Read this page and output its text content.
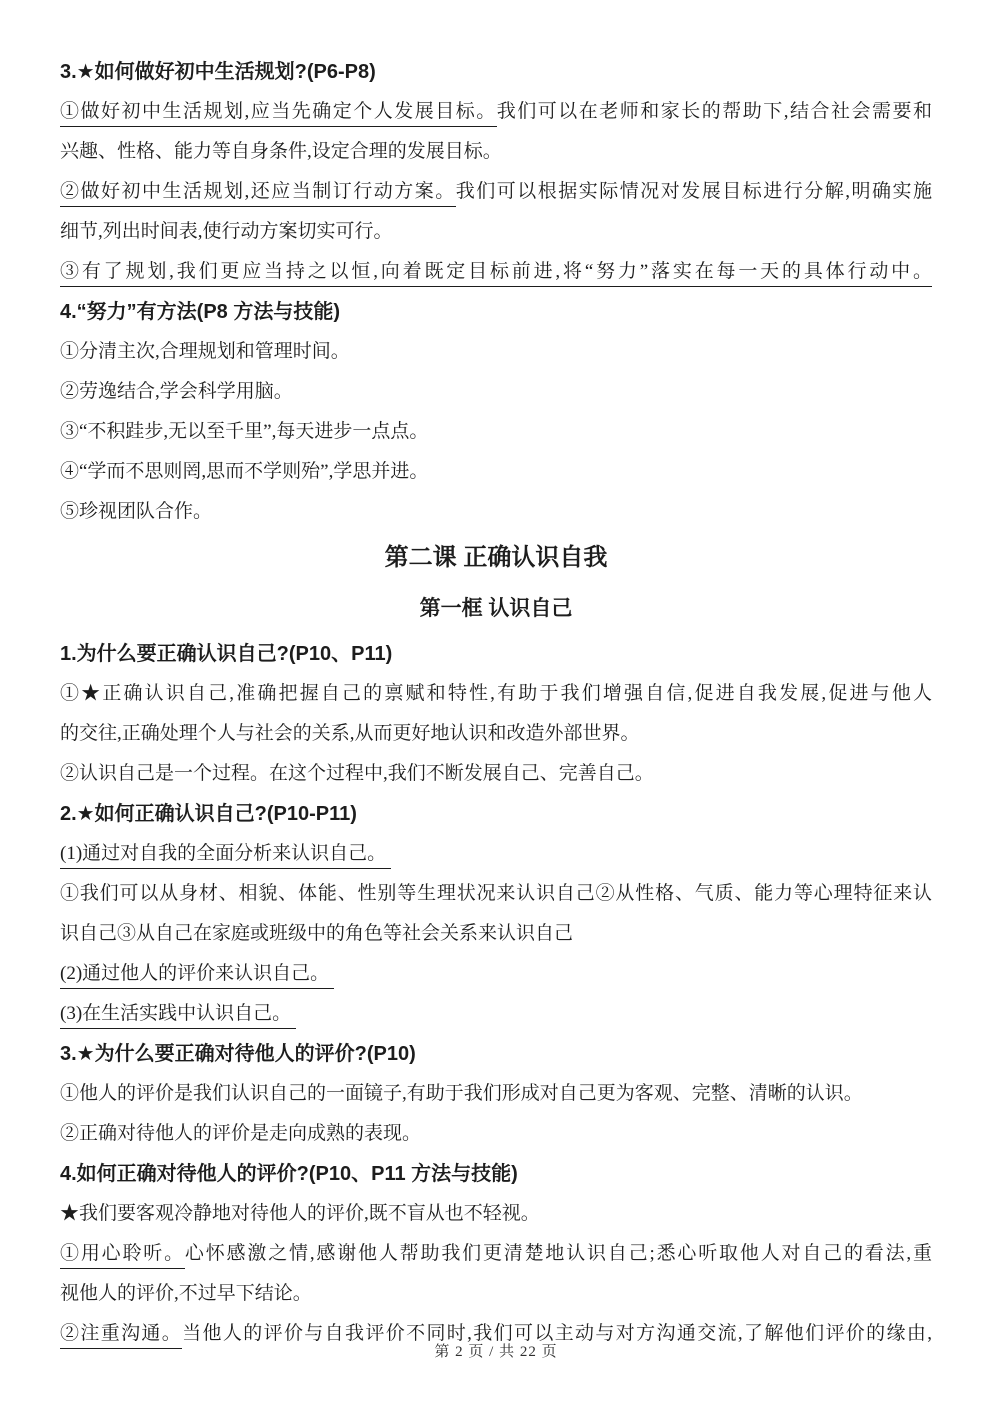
3.★如何做好初中生活规划?(P6-P8)
①做好初中生活规划,应当先确定个人发展目标。我们可以在老师和家长的帮助下,结合社会需要和
兴趣、性格、能力等自身条件,设定合理的发展目标。
②做好初中生活规划,还应当制订行动方案。我们可以根据实际情况对发展目标进行分解,明确实施
细节,列出时间表,使行动方案切实可行。
③有了规划,我们更应当持之以恒,向着既定目标前进,将“努力”落实在每一天的具体行动中。
4.“努力”有方法(P8 方法与技能)
①分清主次,合理规划和管理时间。
②劳逸结合,学会科学用脑。
③“不积跬步,无以至千里”,每天进步一点点。
④“学而不思则罔,思而不学则殆”,学思并进。
⑤珍视团队合作。
第二课 正确认识自我
第一框 认识自己
1.为什么要正确认识自己?(P10、P11)
①★正确认识自己,准确把握自己的禀赋和特性,有助于我们增强自信,促进自我发展,促进与他人
的交往,正确处理个人与社会的关系,从而更好地认识和改造外部世界。
②认识自己是一个过程。在这个过程中,我们不断发展自己、完善自己。
2.★如何正确认识自己?(P10-P11)
(1)通过对自我的全面分析来认识自己。
①我们可以从身材、相貌、体能、性别等生理状况来认识自己②从性格、气质、能力等心理特征来认
识自己③从自己在家庭或班级中的角色等社会关系来认识自己
(2)通过他人的评价来认识自己。
(3)在生活实践中认识自己。
3.★为什么要正确对待他人的评价?(P10)
①他人的评价是我们认识自己的一面镜子,有助于我们形成对自己更为客观、完整、清晰的认识。
②正确对待他人的评价是走向成熟的表现。
4.如何正确对待他人的评价?(P10、P11 方法与技能)
★我们要客观冷静地对待他人的评价,既不盲从也不轻视。
①用心聆听。心怀感激之情,感谢他人帮助我们更清楚地认识自己;悉心听取他人对自己的看法,重
视他人的评价,不过早下结论。
②注重沟通。当他人的评价与自我评价不同时,我们可以主动与对方沟通交流,了解他们评价的缘由,
第 2 页 / 共 22 页
